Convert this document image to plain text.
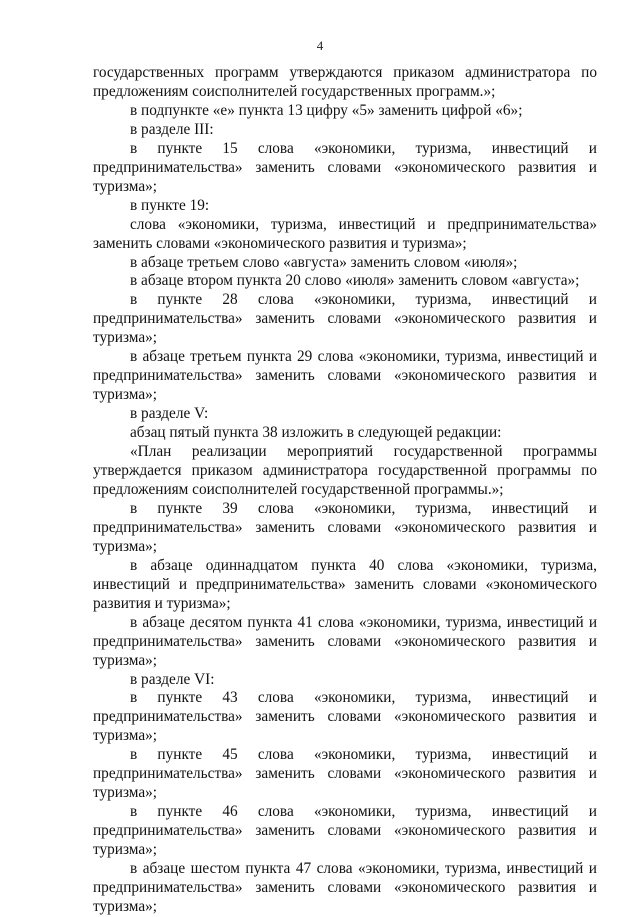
4

государственных программ утверждаются приказом администратора по предложениям соисполнителей государственных программ.»;

в подпункте «е» пункта 13 цифру «5» заменить цифрой «6»;

в разделе III:

в пункте 15 слова «экономики, туризма, инвестиций и предпринимательства» заменить словами «экономического развития и туризма»;

в пункте 19:

слова «экономики, туризма, инвестиций и предпринимательства» заменить словами «экономического развития и туризма»;

в абзаце третьем слово «августа» заменить словом «июля»;

в абзаце втором пункта 20 слово «июля» заменить словом «августа»;

в пункте 28 слова «экономики, туризма, инвестиций и предпринимательства» заменить словами «экономического развития и туризма»;

в абзаце третьем пункта 29 слова «экономики, туризма, инвестиций и предпринимательства» заменить словами «экономического развития и туризма»;

в разделе V:

абзац пятый пункта 38 изложить в следующей редакции:

«План реализации мероприятий государственной программы утверждается приказом администратора государственной программы по предложениям соисполнителей государственной программы.»;

в пункте 39 слова «экономики, туризма, инвестиций и предпринимательства» заменить словами «экономического развития и туризма»;

в абзаце одиннадцатом пункта 40 слова «экономики, туризма, инвестиций и предпринимательства» заменить словами «экономического развития и туризма»;

в абзаце десятом пункта 41 слова «экономики, туризма, инвестиций и предпринимательства» заменить словами «экономического развития и туризма»;

в разделе VI:

в пункте 43 слова «экономики, туризма, инвестиций и предпринимательства» заменить словами «экономического развития и туризма»;

в пункте 45 слова «экономики, туризма, инвестиций и предпринимательства» заменить словами «экономического развития и туризма»;

в пункте 46 слова «экономики, туризма, инвестиций и предпринимательства» заменить словами «экономического развития и туризма»;

в абзаце шестом пункта 47 слова «экономики, туризма, инвестиций и предпринимательства» заменить словами «экономического развития и туризма»;
